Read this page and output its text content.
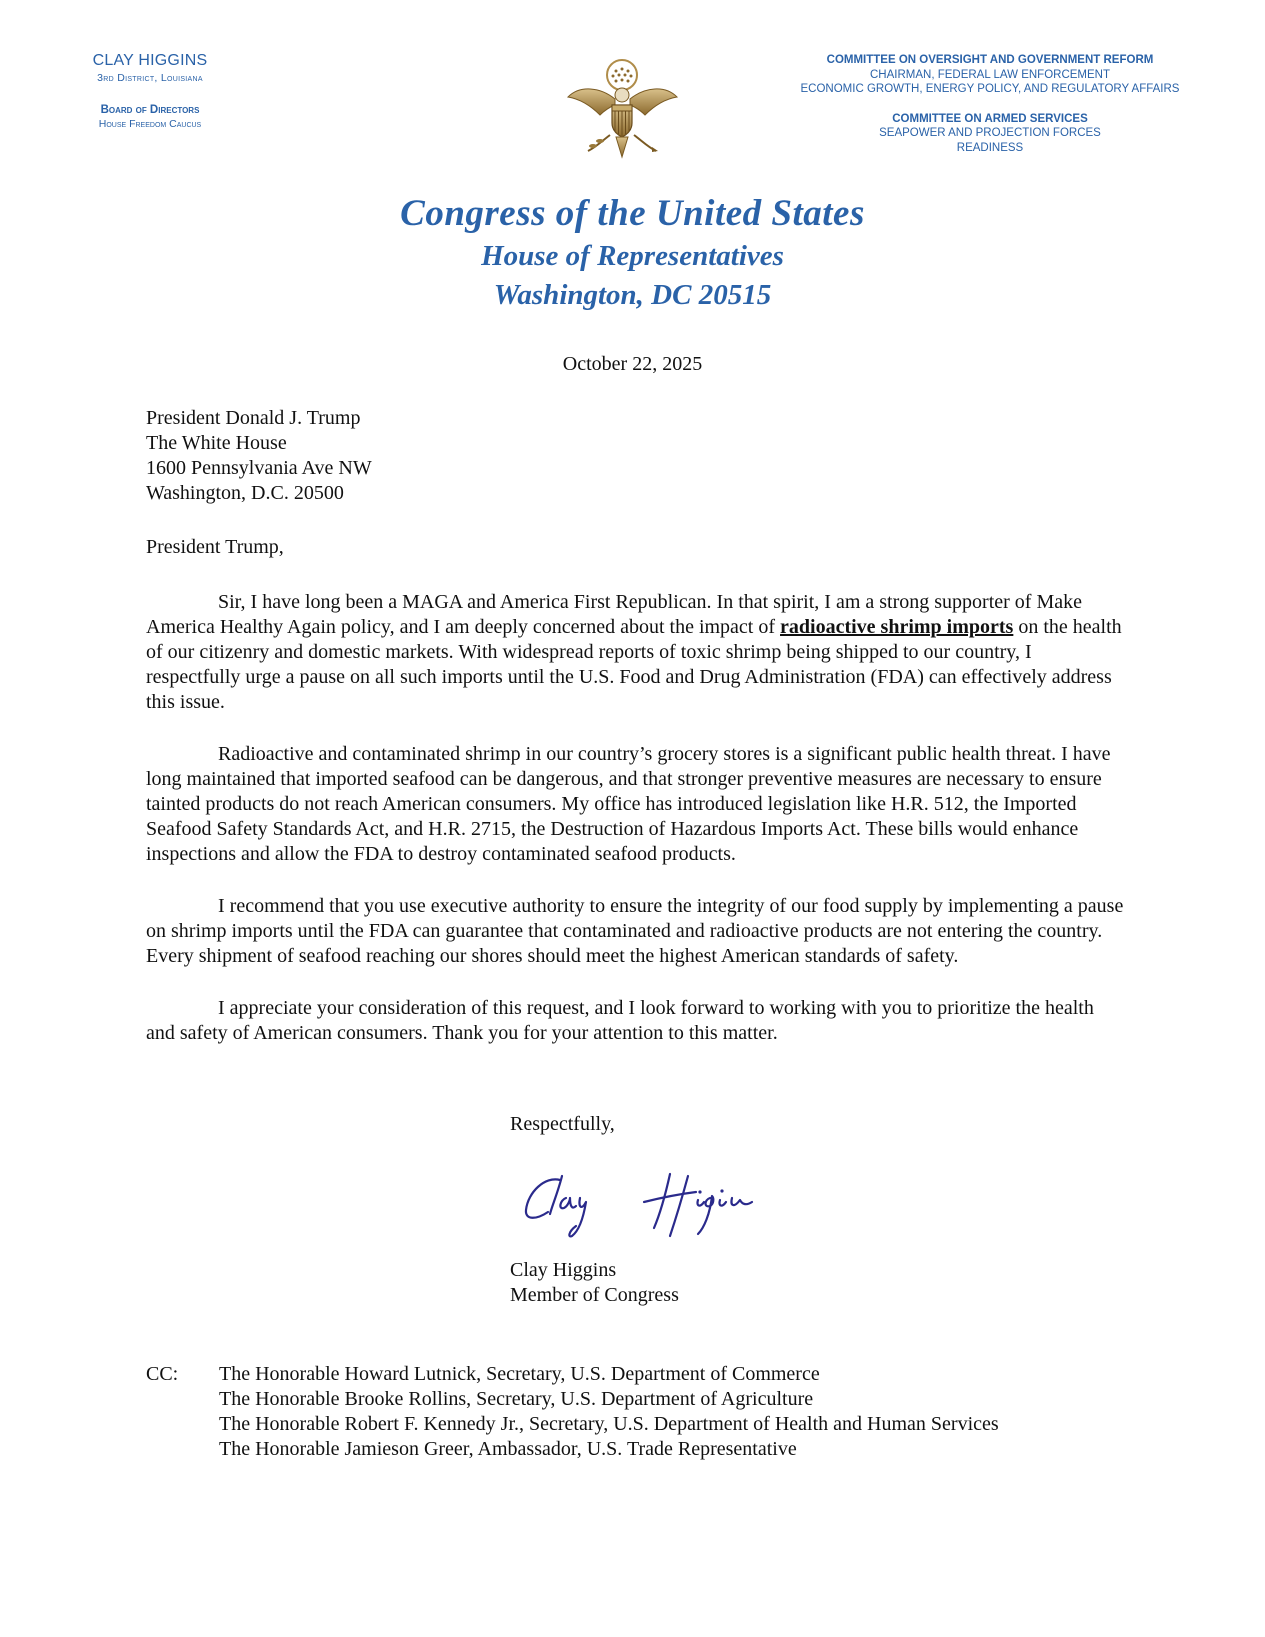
CLAY HIGGINS
3rd District, Louisiana
Board of Directors
House Freedom Caucus
COMMITTEE ON OVERSIGHT AND GOVERNMENT REFORM
CHAIRMAN, FEDERAL LAW ENFORCEMENT
ECONOMIC GROWTH, ENERGY POLICY, AND REGULATORY AFFAIRS
COMMITTEE ON ARMED SERVICES
SEAPOWER AND PROJECTION FORCES
READINESS
Congress of the United States
House of Representatives
Washington, DC 20515
October 22, 2025
President Donald J. Trump
The White House
1600 Pennsylvania Ave NW
Washington, D.C. 20500
President Trump,

Sir, I have long been a MAGA and America First Republican. In that spirit, I am a strong supporter of Make America Healthy Again policy, and I am deeply concerned about the impact of radioactive shrimp imports on the health of our citizenry and domestic markets. With widespread reports of toxic shrimp being shipped to our country, I respectfully urge a pause on all such imports until the U.S. Food and Drug Administration (FDA) can effectively address this issue.

Radioactive and contaminated shrimp in our country’s grocery stores is a significant public health threat. I have long maintained that imported seafood can be dangerous, and that stronger preventive measures are necessary to ensure tainted products do not reach American consumers. My office has introduced legislation like H.R. 512, the Imported Seafood Safety Standards Act, and H.R. 2715, the Destruction of Hazardous Imports Act. These bills would enhance inspections and allow the FDA to destroy contaminated seafood products.

I recommend that you use executive authority to ensure the integrity of our food supply by implementing a pause on shrimp imports until the FDA can guarantee that contaminated and radioactive products are not entering the country. Every shipment of seafood reaching our shores should meet the highest American standards of safety.

I appreciate your consideration of this request, and I look forward to working with you to prioritize the health and safety of American consumers. Thank you for your attention to this matter.

Respectfully,
Clay Higgins
Member of Congress
CC: The Honorable Howard Lutnick, Secretary, U.S. Department of Commerce
The Honorable Brooke Rollins, Secretary, U.S. Department of Agriculture
The Honorable Robert F. Kennedy Jr., Secretary, U.S. Department of Health and Human Services
The Honorable Jamieson Greer, Ambassador, U.S. Trade Representative
